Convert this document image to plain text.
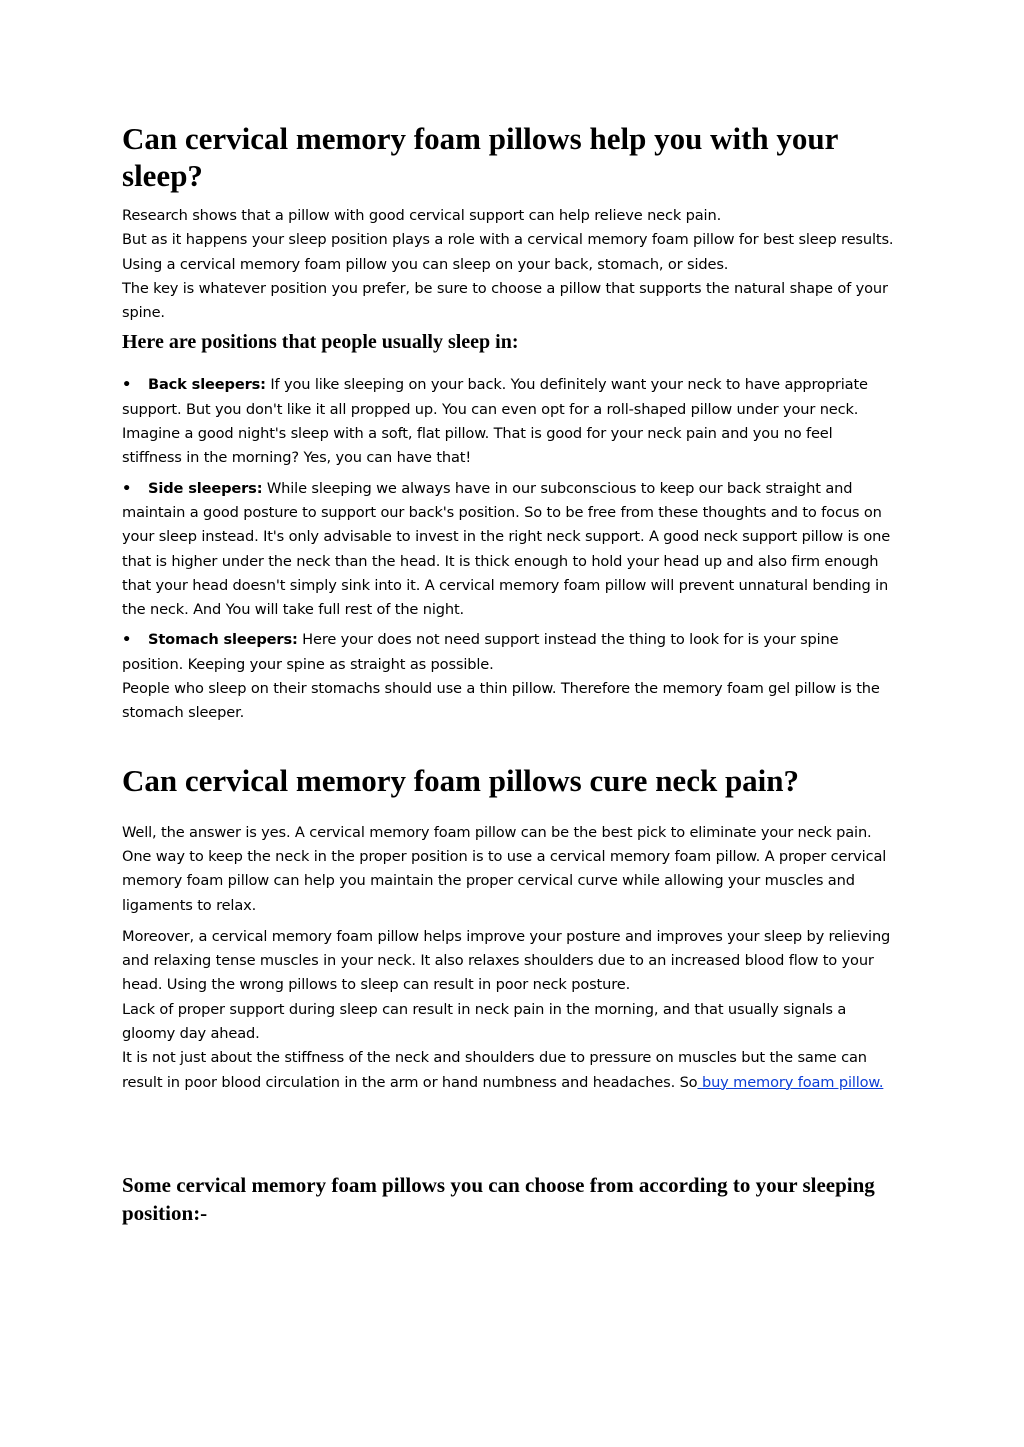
Can cervical memory foam pillows help you with your sleep?

Research shows that a pillow with good cervical support can help relieve neck pain.

But as it happens your sleep position plays a role with a cervical memory foam pillow for best sleep results. Using a cervical memory foam pillow you can sleep on your back, stomach, or sides.

The key is whatever position you prefer, be sure to choose a pillow that supports the natural shape of your spine.

Here are positions that people usually sleep in:

• Back sleepers: If you like sleeping on your back. You definitely want your neck to have appropriate support. But you don't like it all propped up. You can even opt for a roll-shaped pillow under your neck. Imagine a good night's sleep with a soft, flat pillow. That is good for your neck pain and you no feel stiffness in the morning? Yes, you can have that!

• Side sleepers: While sleeping we always have in our subconscious to keep our back straight and maintain a good posture to support our back's position. So to be free from these thoughts and to focus on your sleep instead. It's only advisable to invest in the right neck support. A good neck support pillow is one that is higher under the neck than the head. It is thick enough to hold your head up and also firm enough that your head doesn't simply sink into it. A cervical memory foam pillow will prevent unnatural bending in the neck. And You will take full rest of the night.

• Stomach sleepers: Here your does not need support instead the thing to look for is your spine position. Keeping your spine as straight as possible.

People who sleep on their stomachs should use a thin pillow. Therefore the memory foam gel pillow is the stomach sleeper.

Can cervical memory foam pillows cure neck pain?

Well, the answer is yes. A cervical memory foam pillow can be the best pick to eliminate your neck pain. One way to keep the neck in the proper position is to use a cervical memory foam pillow. A proper cervical memory foam pillow can help you maintain the proper cervical curve while allowing your muscles and ligaments to relax.

Moreover, a cervical memory foam pillow helps improve your posture and improves your sleep by relieving and relaxing tense muscles in your neck. It also relaxes shoulders due to an increased blood flow to your head. Using the wrong pillows to sleep can result in poor neck posture.

Lack of proper support during sleep can result in neck pain in the morning, and that usually signals a gloomy day ahead.

It is not just about the stiffness of the neck and shoulders due to pressure on muscles but the same can result in poor blood circulation in the arm or hand numbness and headaches. So buy memory foam pillow.

Some cervical memory foam pillows you can choose from according to your sleeping position:-
